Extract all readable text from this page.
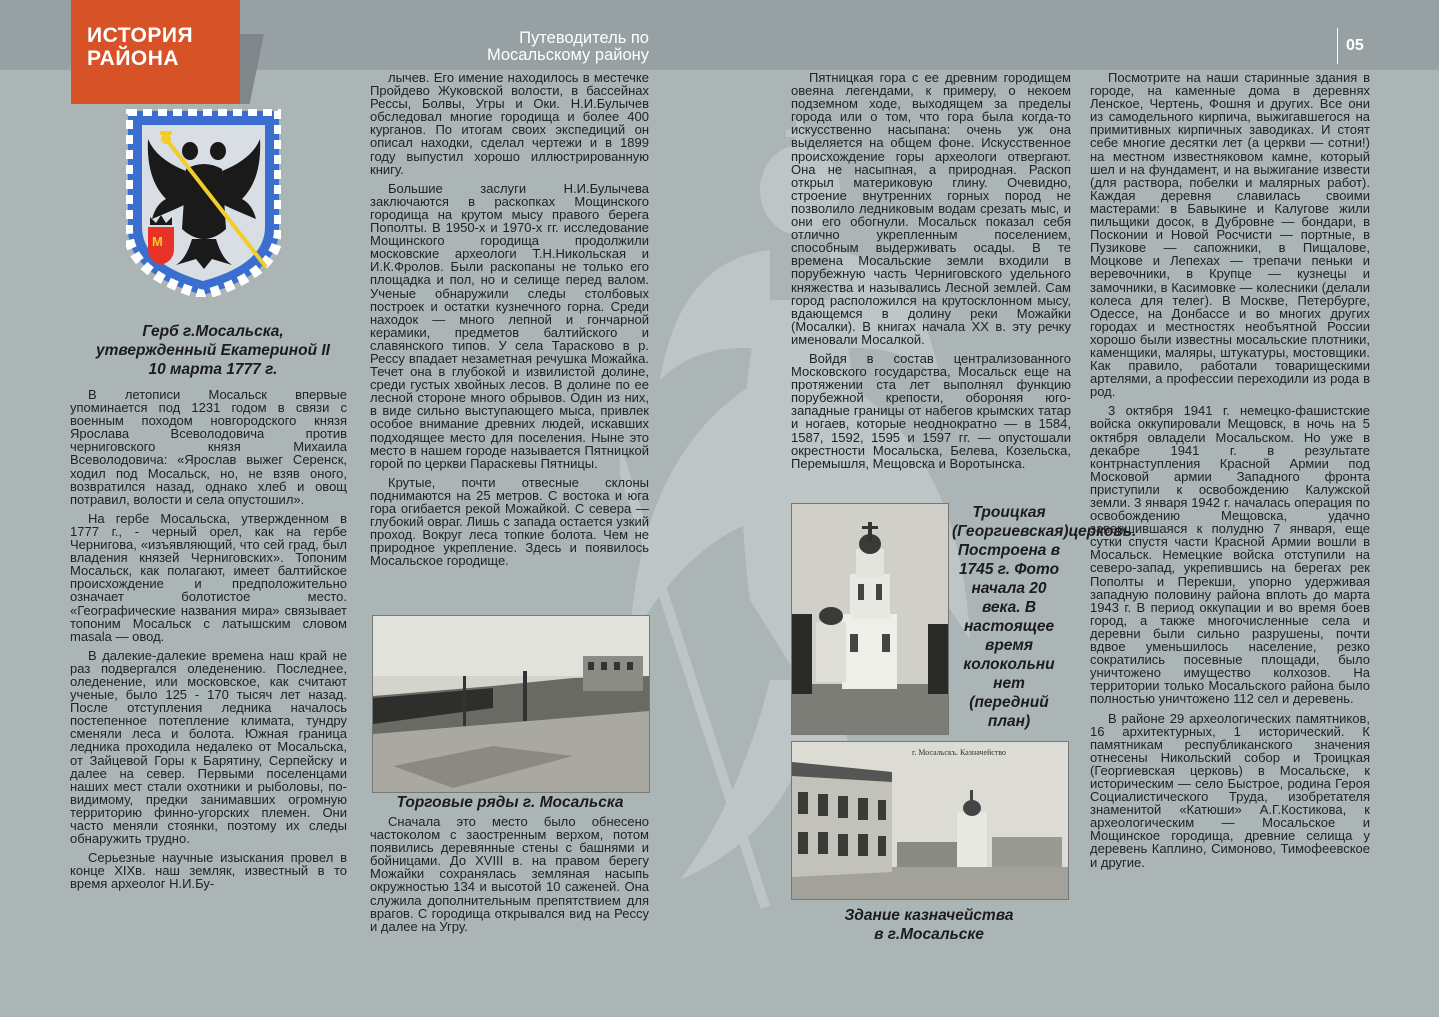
ИСТОРИЯ
РАЙОНА
Путеводитель по
Мосальскому району
05
М
Герб г.Мосальска,
утвержденный Екатериной II
10 марта 1777 г.

В летописи Мосальск впервые упоминается под 1231 годом в связи с военным походом новгородского князя Ярослава Всеволодовича против черниговского князя Михаила Всеволодовича: «Ярослав выжег Серенск, ходил под Мосальск, но, не взяв оного, возвратился назад, однако хлеб и овощ потравил, волости и села опустошил».

На гербе Мосальска, утвержденном в 1777 г., - черный орел, как на гербе Чернигова, «изъявляющий, что сей град, был владения князей Черниговских». Топоним Мосальск, как полагают, имеет балтийское происхождение и предположительно означает болотистое место. «Географические названия мира» связывает топоним Мосальск с латышским словом masala — овод.

В далекие-далекие времена наш край не раз подвергался оледенению. Последнее, оледенение, или московское, как считают ученые, было 125 - 170 тысяч лет назад. После отступления ледника началось постепенное потепление климата, тундру сменяли леса и болота. Южная граница ледника проходила недалеко от Мосальска, от Зайцевой Горы к Барятину, Серпейску и далее на север. Первыми поселенцами наших мест стали охотники и рыболовы, по-видимому, предки занимавших огромную территорию финно-угорских племен. Они часто меняли стоянки, поэтому их следы обнаружить трудно.

Серьезные научные изыскания провел в конце XIXв. наш земляк, известный в то время археолог Н.И.Бу-

лычев. Его имение находилось в местечке Пройдево Жуковской волости, в бассейнах Рессы, Болвы, Угры и Оки. Н.И.Булычев обследовал многие городища и более 400 курганов. По итогам своих экспедиций он описал находки, сделал чертежи и в 1899 году выпустил хорошо иллюстрированную книгу.

Большие заслуги Н.И.Булычева заключаются в раскопках Мощинского городища на крутом мысу правого берега Пополты. В 1950-х и 1970-х гг. исследование Мощинского городища продолжили московские археологи Т.Н.Никольская и И.К.Фролов. Были раскопаны не только его площадка и пол, но и селище перед валом. Ученые обнаружили следы столбовых построек и остатки кузнечного горна. Среди находок — много лепной и гончарной керамики, предметов балтийского и славянского типов. У села Тарасково в р. Рессу впадает незаметная речушка Можайка. Течет она в глубокой и извилистой долине, среди густых хвойных лесов. В долине по ее лесной стороне много обрывов. Один из них, в виде сильно выступающего мыса, привлек особое внимание древних людей, искавших подходящее место для поселения. Ныне это место в нашем городе называется Пятницкой горой по церкви Параскевы Пятницы.

Крутые, почти отвесные склоны поднимаются на 25 метров. С востока и юга гора огибается рекой Можайкой. С севера — глубокий овраг. Лишь с запада остается узкий проход. Вокруг леса топкие болота. Чем не природное укрепление. Здесь и появилось Мосальское городище.

Торговые ряды г. Мосальска

Сначала это место было обнесено частоколом с заостренным верхом, потом появились деревянные стены с башнями и бойницами. До XVIII в. на правом берегу Можайки сохранялась земляная насыпь окружностью 134 и высотой 10 саженей. Она служила дополнительным препятствием для врагов. С городища открывался вид на Рессу и далее на Угру.

Пятницкая гора с ее древним городищем овеяна легендами, к примеру, о некоем подземном ходе, выходящем за пределы города или о том, что гора была когда-то искусственно насыпана: очень уж она выделяется на общем фоне. Искусственное происхождение горы археологи отвергают. Она не насыпная, а природная. Раскоп открыл материковую глину. Очевидно, строение внутренних горных пород не позволило ледниковым водам срезать мыс, и они его обогнули. Мосальск показал себя отлично укрепленным поселением, способным выдерживать осады. В те времена Мосальские земли входили в порубежную часть Черниговского удельного княжества и назывались Лесной землей. Сам город расположился на крутосклонном мысу, вдающемся в долину реки Можайки (Мосалки). В книгах начала XX в. эту речку именовали Мосалкой.

Войдя в состав централизованного Московского государства, Мосальск еще на протяжении ста лет выполнял функцию порубежной крепости, обороняя юго-западные границы от набегов крымских татар и ногаев, которые неоднократно — в 1584, 1587, 1592, 1595 и 1597 гг. — опустошали окрестности Мосальска, Белева, Козельска, Перемышля, Мещовска и Воротынска.

Троицкая (Георгиевская)церковь. Построена в 1745 г. Фото начала 20 века. В настоящее время колокольни нет (передний план)
г. Мосальскъ. Казначейство
Здание казначейства
в г.Мосальске

Посмотрите на наши старинные здания в городе, на каменные дома в деревнях Ленское, Чертень, Фошня и других. Все они из самодельного кирпича, выжигавшегося на примитивных кирпичных заводиках. И стоят себе многие десятки лет (а церкви — сотни!) на местном известняковом камне, который шел и на фундамент, и на выжигание извести (для раствора, побелки и малярных работ). Каждая деревня славилась своими мастерами: в Бавыкине и Калугове жили пильщики досок, в Дубровне — бондари, в Посконии и Новой Росчисти — портные, в Пузикове — сапожники, в Пищалове, Моцкове и Лепехах — трепачи пеньки и веревочники, в Крупце — кузнецы и замочники, в Касимовке — колесники (делали колеса для телег). В Москве, Петербурге, Одессе, на Донбассе и во многих других городах и местностях необъятной России хорошо были известны мосальские плотники, каменщики, маляры, штукатуры, мостовщики. Как правило, работали товарищескими артелями, а профессии переходили из рода в род.

3 октября 1941 г. немецко-фашистские войска оккупировали Мещовск, в ночь на 5 октября овладели Мосальском. Но уже в декабре 1941 г. в результате контрнаступления Красной Армии под Московой армии Западного фронта приступили к освобождению Калужской земли. 3 января 1942 г. началась операция по освобождению Мещовска, удачно завершившаяся к полудню 7 января, еще сутки спустя части Красной Армии вошли в Мосальск. Немецкие войска отступили на северо-запад, укрепившись на берегах рек Пополты и Перекши, упорно удерживая западную половину района вплоть до марта 1943 г. В период оккупации и во время боев город, а также многочисленные села и деревни были сильно разрушены, почти вдвое уменьшилось население, резко сократились посевные площади, было уничтожено имущество колхозов. На территории только Мосальского района было полностью уничтожено 112 сел и деревень.

В районе 29 археологических памятников, 16 архитектурных, 1 исторический. К памятникам республиканского значения отнесены Никольский собор и Троицкая (Георгиевская церковь) в Мосальске, к историческим — село Быстрое, родина Героя Социалистического Труда, изобретателя знаменитой «Катюши» А.Г.Костикова, к археологическим — Мосальское и Мощинское городища, древние селища у деревень Каплино, Симоново, Тимофеевское и другие.
